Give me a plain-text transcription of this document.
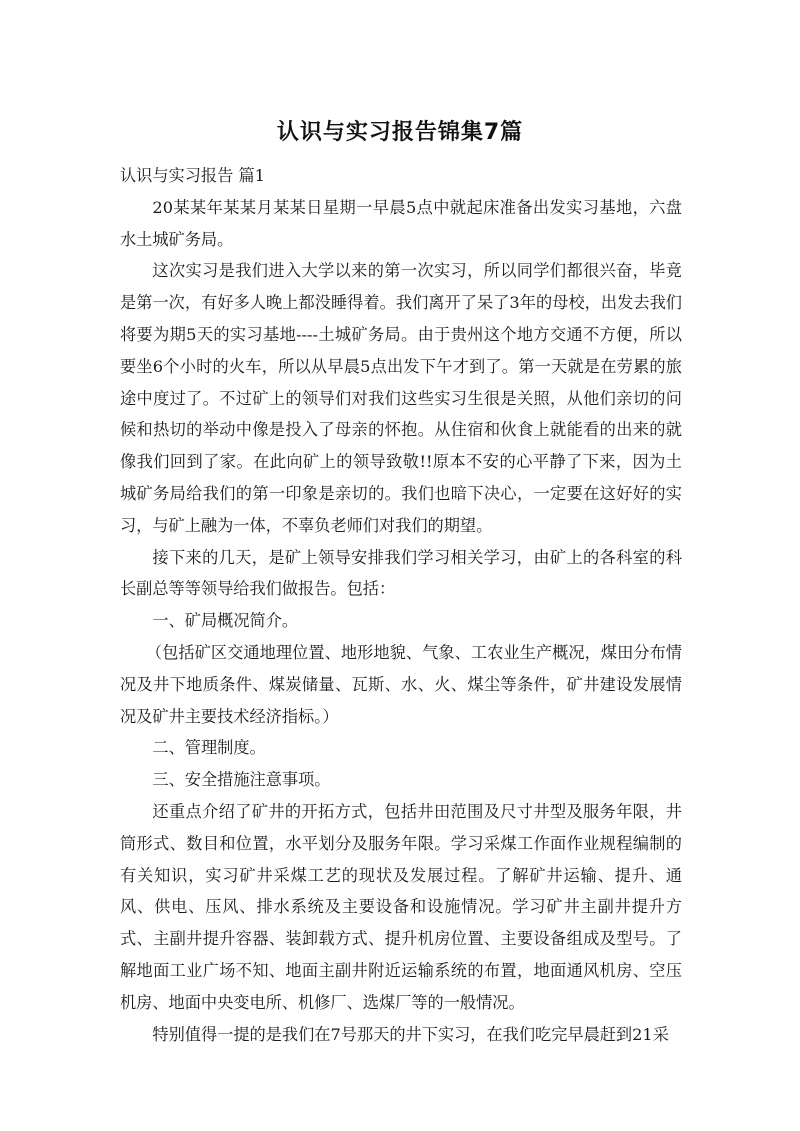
认识与实习报告锦集7篇

认识与实习报告 篇1

20某某年某某月某某日星期一早晨5点中就起床准备出发实习基地，六盘水土城矿务局。

这次实习是我们进入大学以来的第一次实习，所以同学们都很兴奋，毕竟是第一次，有好多人晚上都没睡得着。我们离开了呆了3年的母校，出发去我们将要为期5天的实习基地----土城矿务局。由于贵州这个地方交通不方便，所以要坐6个小时的火车，所以从早晨5点出发下午才到了。第一天就是在劳累的旅途中度过了。不过矿上的领导们对我们这些实习生很是关照，从他们亲切的问候和热切的举动中像是投入了母亲的怀抱。从住宿和伙食上就能看的出来的就像我们回到了家。在此向矿上的领导致敬!!原本不安的心平静了下来，因为土城矿务局给我们的第一印象是亲切的。我们也暗下决心，一定要在这好好的实习，与矿上融为一体，不辜负老师们对我们的期望。

接下来的几天，是矿上领导安排我们学习相关学习，由矿上的各科室的科长副总等等领导给我们做报告。包括：

一、矿局概况简介。

（包括矿区交通地理位置、地形地貌、气象、工农业生产概况，煤田分布情况及井下地质条件、煤炭储量、瓦斯、水、火、煤尘等条件，矿井建设发展情况及矿井主要技术经济指标。）

二、管理制度。

三、安全措施注意事项。

还重点介绍了矿井的开拓方式，包括井田范围及尺寸井型及服务年限，井筒形式、数目和位置，水平划分及服务年限。学习采煤工作面作业规程编制的有关知识，实习矿井采煤工艺的现状及发展过程。了解矿井运输、提升、通风、供电、压风、排水系统及主要设备和设施情况。学习矿井主副井提升方式、主副井提升容器、装卸载方式、提升机房位置、主要设备组成及型号。了解地面工业广场不知、地面主副井附近运输系统的布置，地面通风机房、空压机房、地面中央变电所、机修厂、选煤厂等的一般情况。

特别值得一提的是我们在7号那天的井下实习，在我们吃完早晨赶到21采
